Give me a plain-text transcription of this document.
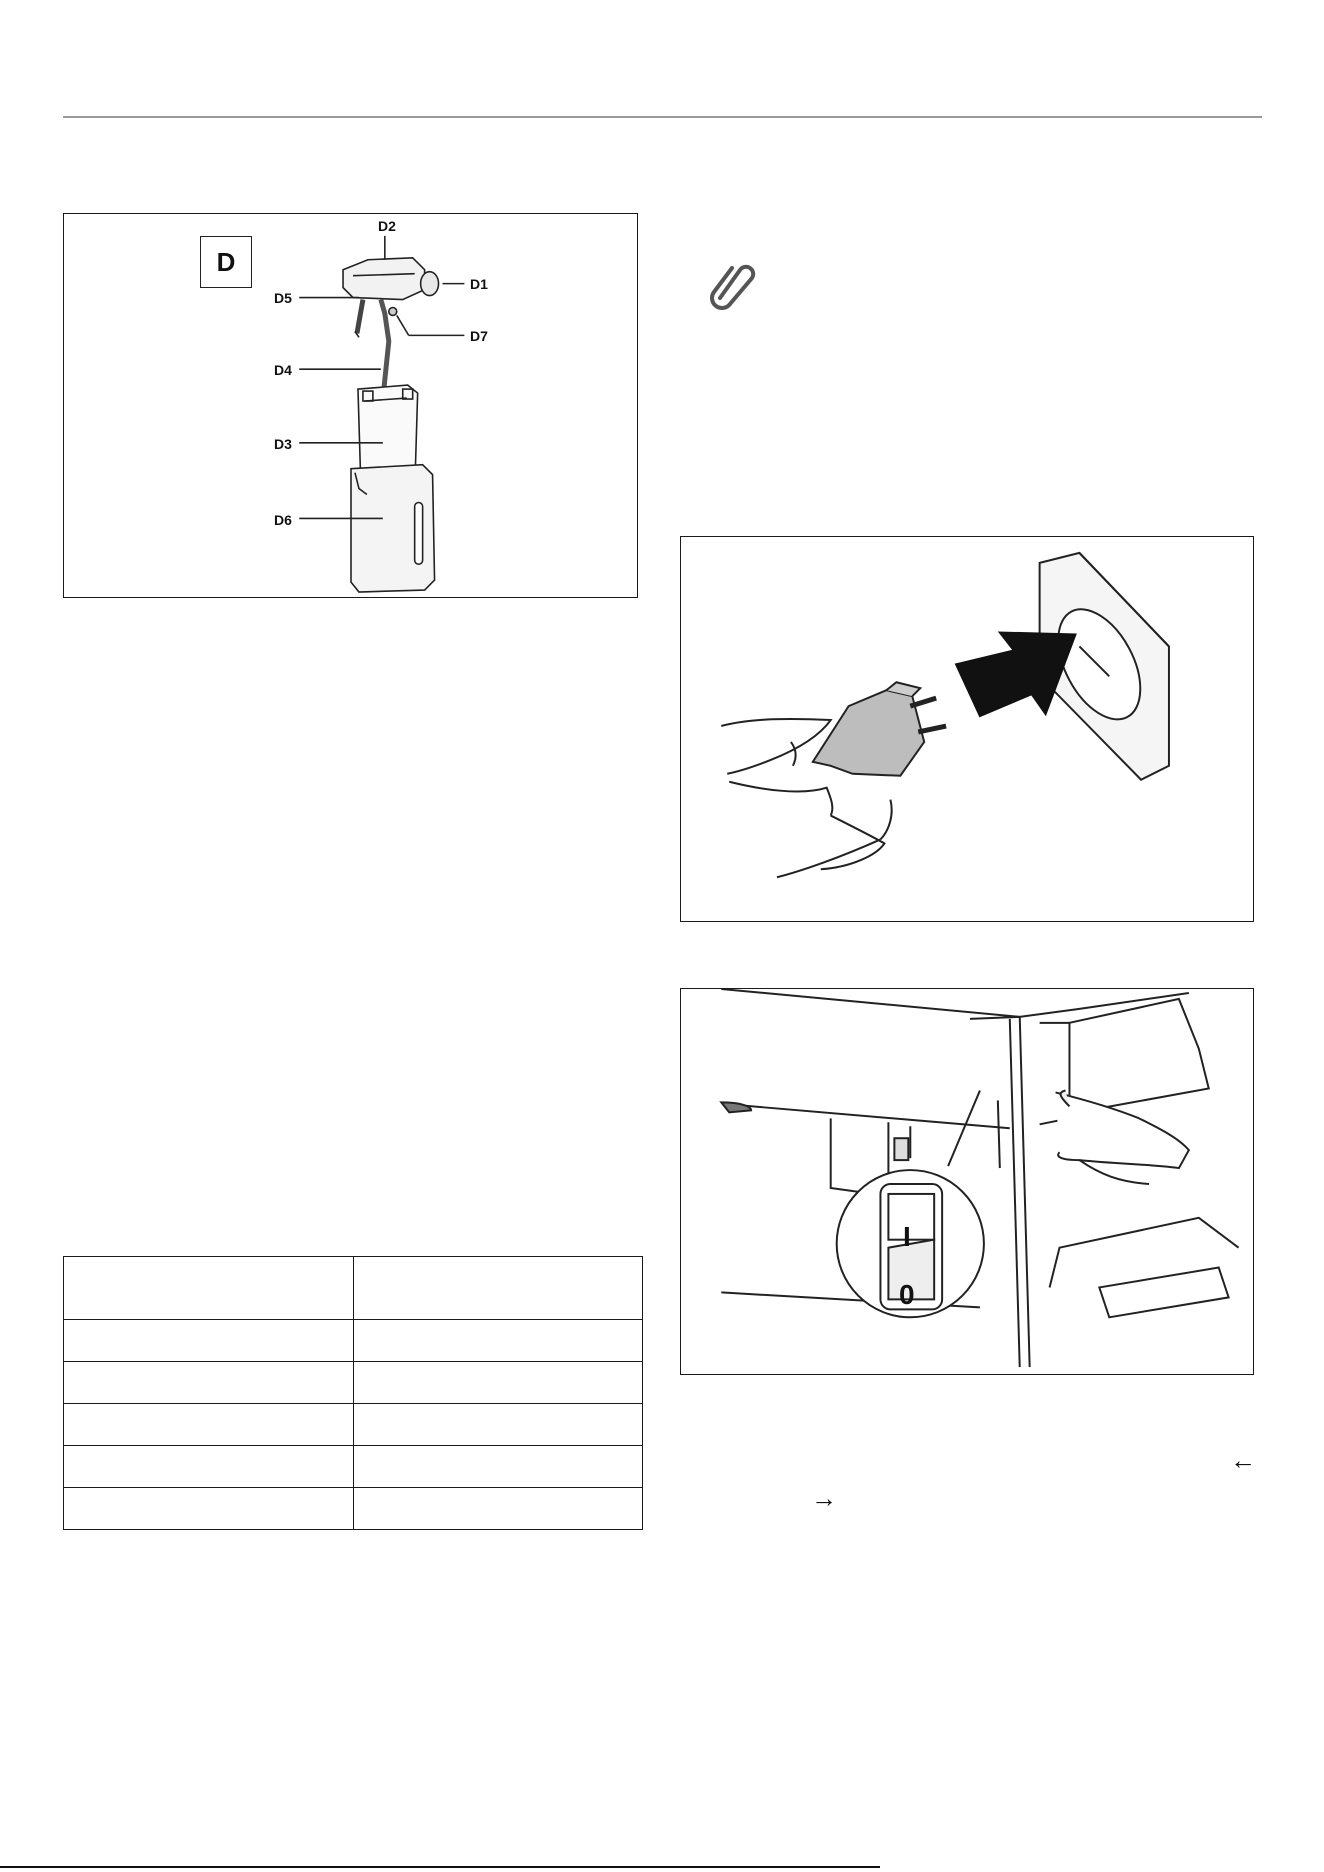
D
D2
D1
D5
D7
D4
D3
D6
I
0

←
→
